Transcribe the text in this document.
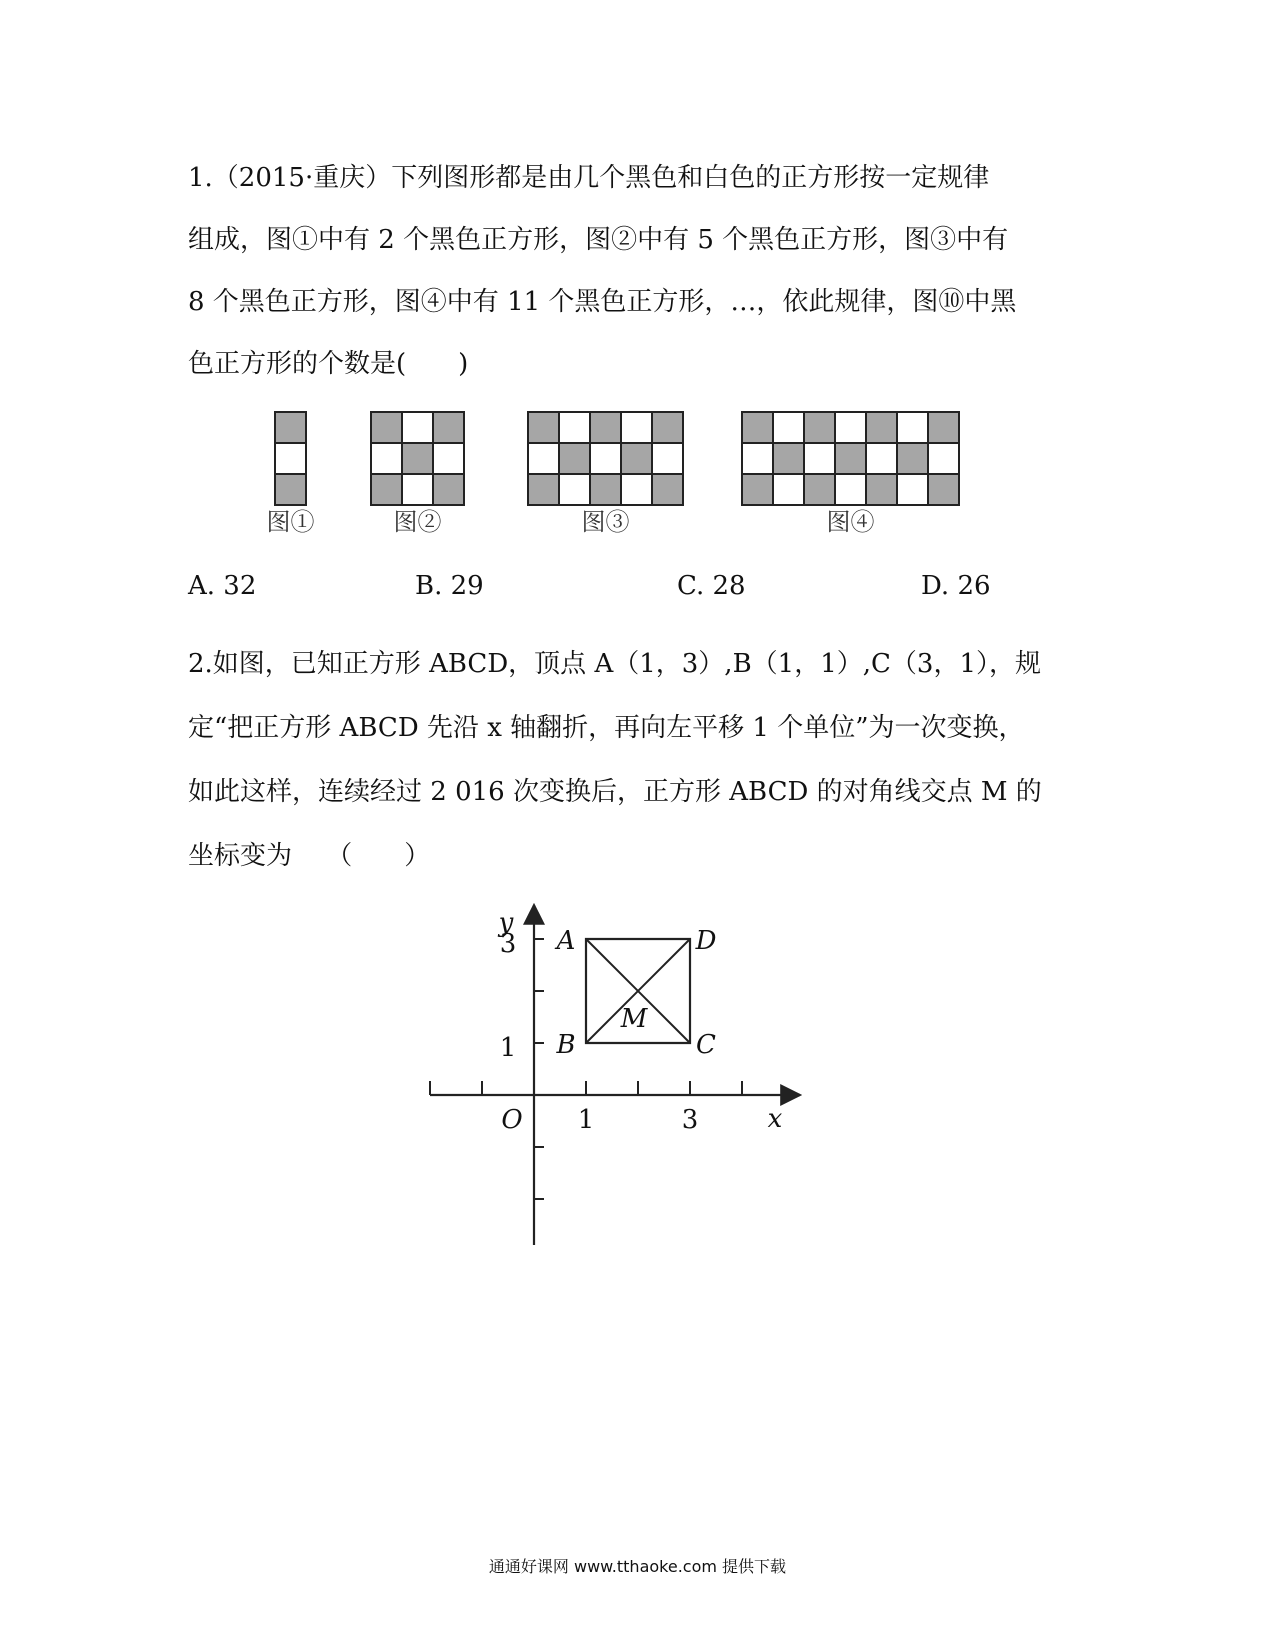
1.（2015·重庆）下列图形都是由几个黑色和白色的正方形按一定规律
组成，图①中有 2 个黑色正方形，图②中有 5 个黑色正方形，图③中有
8 个黑色正方形，图④中有 11 个黑色正方形，…，依此规律，图⑩中黑
色正方形的个数是(　　)
图①	图②	图③	图④
A. 32	B. 29	C. 28	D. 26
2.如图，已知正方形 ABCD，顶点 A（1，3）,B（1，1）,C（3，1），规
定“把正方形 ABCD 先沿 x 轴翻折，再向左平移 1 个单位”为一次变换，
如此这样，连续经过 2 016 次变换后，正方形 ABCD 的对角线交点 M 的
坐标变为　 （　　）
y
x
O 1	3
1
3 A	D
B	C
M
通通好课网 www.tthaoke.com 提供下载
